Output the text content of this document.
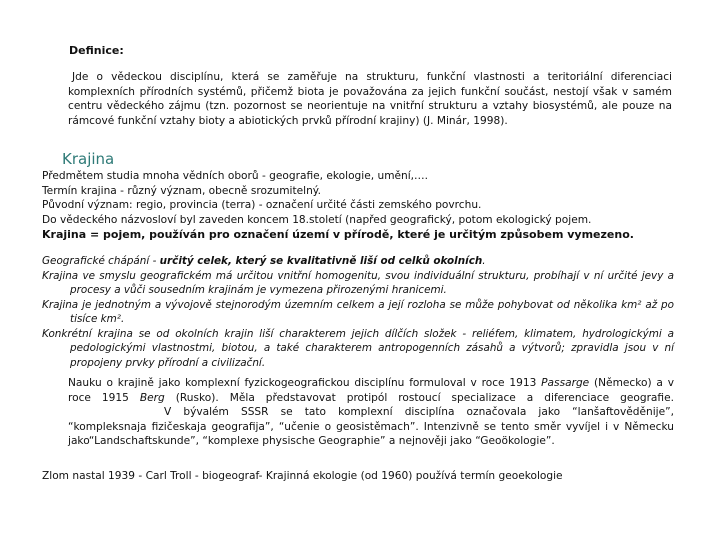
Definice:
Jde o vědeckou disciplínu, která se zaměřuje na strukturu, funkční vlastnosti a teritoriální diferenciaci komplexních přírodních systémů, přičemž biota je považována za jejich funkční součást, nestojí však v samém centru vědeckého zájmu (tzn. pozornost se neorientuje na vnitřní strukturu a vztahy biosystémů, ale pouze na rámcové funkční vztahy bioty a abiotických prvků přírodní krajiny) (J. Minár, 1998).
Krajina

Předmětem studia mnoha vědních oborů - geografie, ekologie, umění,….

Termín krajina - různý význam, obecně srozumitelný.

Původní význam: regio, provincia (terra) - označení určité části zemského povrchu.

Do vědeckého názvosloví byl zaveden koncem 18.století (napřed geografický, potom ekologický pojem.

Krajina = pojem, používán pro označení území v přírodě, které je určitým způsobem vymezeno.

Geografické chápání - určitý celek, který se kvalitativně liší od celků okolních.

Krajina ve smyslu geografickém má určitou vnitřní homogenitu, svou individuální strukturu, probíhají v ní určité jevy a procesy a vůči sousedním krajinám je vymezena přirozenými hranicemi.

Krajina je jednotným a vývojově stejnorodým územním celkem a její rozloha se může pohybovat od několika km² až po tisíce km².

Konkrétní krajina se od okolních krajin liší charakterem jejich dílčích složek - reliéfem, klimatem, hydrologickými a pedologickými vlastnostmi, biotou, a také charakterem antropogenních zásahů a výtvorů; zpravidla jsou v ní propojeny prvky přírodní a civilizační.

Nauku o krajině jako komplexní fyzickogeografickou disciplínu formuloval v roce 1913 Passarge (Německo) a v roce 1915 Berg (Rusko). Měla představovat protipól rostoucí specializace a diferenciace geografie.V bývalém SSSR se tato komplexní disciplína označovala jako “lanšaftověděnije”, “kompleksnaja fizičeskaja geografija”, “učenie o geosistěmach”. Intenzivně se tento směr vyvíjel i v Německu jako“Landschaftskunde”, “komplexe physische Geographie” a nejnověji jako “Geoökologie”.
Zlom nastal 1939 - Carl Troll - biogeograf- Krajinná ekologie (od 1960) používá termín geoekologie
